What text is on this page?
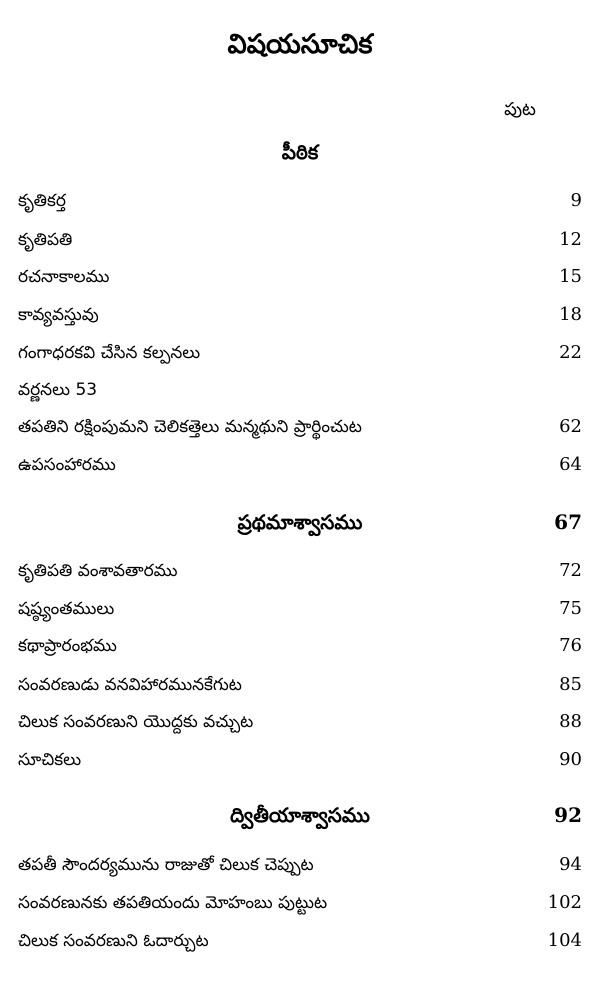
విషయసూచిక
పుట
పీఠిక
కృతికర్త	9
కృతిపతి	12
రచనాకాలము	15
కావ్యవస్తువు	18
గంగాధరకవి చేసిన కల్పనలు	22
వర్ణనలు 53
తపతిని రక్షింపుమని చెలికత్తెలు మన్మథుని ప్రార్థించుట	62
ఉపసంహారము	64
ప్రథమాశ్వాసము	67
కృతిపతి వంశావతారము	72
షష్ఠ్యంతములు	75
కథాప్రారంభము	76
సంవరణుడు వనవిహారమునకేగుట	85
చిలుక సంవరణుని యొద్దకు వచ్చుట	88
సూచికలు	90
ద్వితీయాశ్వాసము	92
తపతీ సౌందర్యమును రాజుతో చిలుక చెప్పుట	94
సంవరణునకు తపతియందు మోహంబు పుట్టుట	102
చిలుక సంవరణుని ఓదార్చుట	104
